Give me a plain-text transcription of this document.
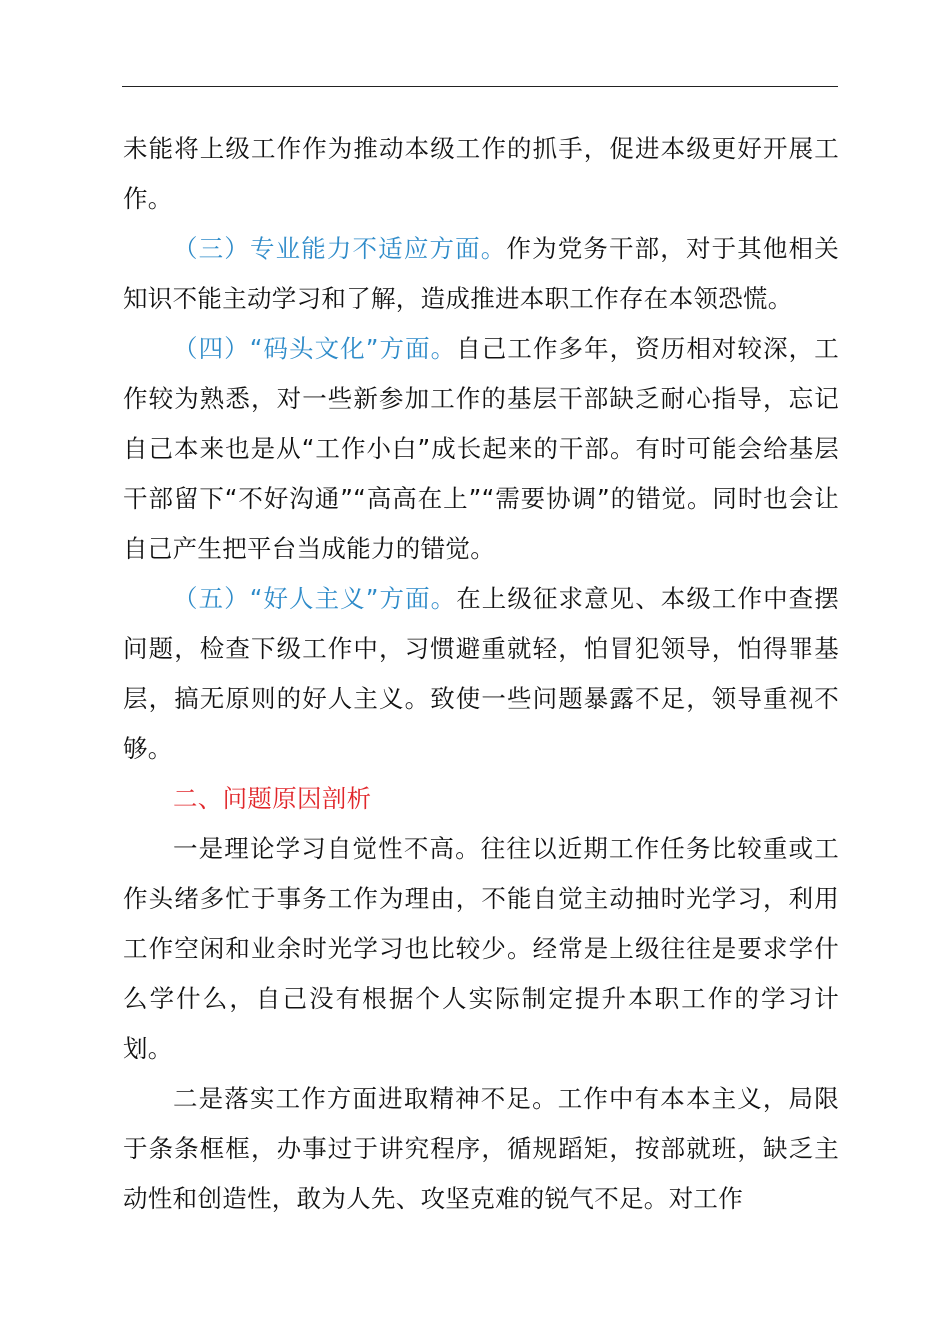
未能将上级工作作为推动本级工作的抓手，促进本级更好开展工作。

（三）专业能力不适应方面。作为党务干部，对于其他相关知识不能主动学习和了解，造成推进本职工作存在本领恐慌。

（四）“码头文化”方面。自己工作多年，资历相对较深，工作较为熟悉，对一些新参加工作的基层干部缺乏耐心指导，忘记自己本来也是从“工作小白”成长起来的干部。有时可能会给基层干部留下“不好沟通”“高高在上”“需要协调”的错觉。同时也会让自己产生把平台当成能力的错觉。

（五）“好人主义”方面。在上级征求意见、本级工作中查摆问题，检查下级工作中，习惯避重就轻，怕冒犯领导，怕得罪基层，搞无原则的好人主义。致使一些问题暴露不足，领导重视不够。

二、问题原因剖析

一是理论学习自觉性不高。往往以近期工作任务比较重或工作头绪多忙于事务工作为理由，不能自觉主动抽时光学习，利用工作空闲和业余时光学习也比较少。经常是上级往往是要求学什么学什么，自己没有根据个人实际制定提升本职工作的学习计划。

二是落实工作方面进取精神不足。工作中有本本主义，局限于条条框框，办事过于讲究程序，循规蹈矩，按部就班，缺乏主动性和创造性，敢为人先、攻坚克难的锐气不足。对工作
